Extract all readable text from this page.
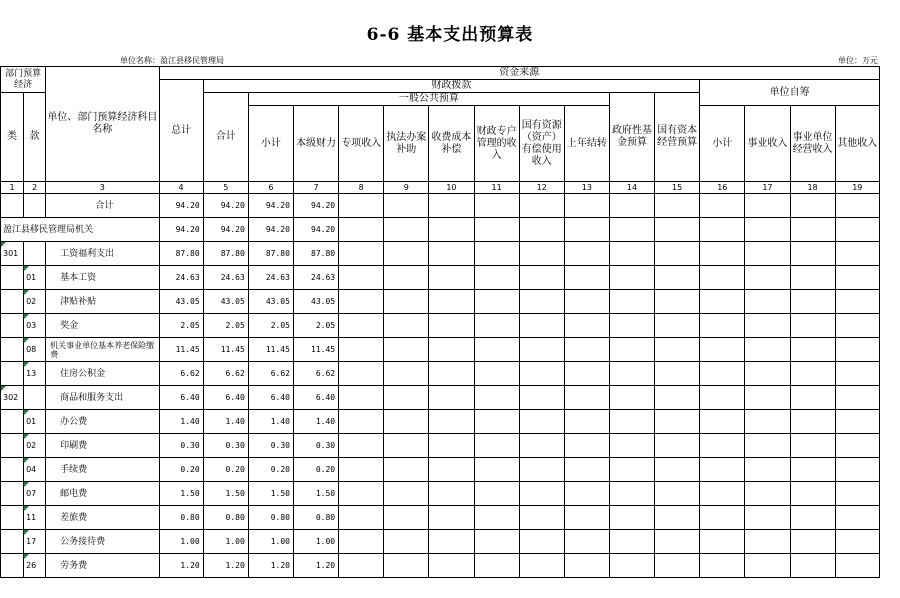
6-6 基本支出预算表
单位名称：盈江县移民管理局	单位：万元
部门预算经济		单位、部门预算经济科目名称	资金来源															
			总计	财政拨款											单位自筹			
类	款			合计	一般公共预算								政府性基金预算	国有资本经营预算				
					小计	本级财力	专项收入	执法办案补助	收费成本补偿	财政专户管理的收入	国有资源（资产）有偿使用收入	上年结转			小计	事业收入	事业单位经营收入	其他收入
1	2	3	4	5	6	7	8	9	10	11	12	13	14	15	16	17	18	19
		合计	94.20	94.20	94.20	94.20												
盈江县移民管理局机关			94.20	94.20	94.20	94.20												
301		工资福利支出	87.80	87.80	87.80	87.80												
	01	基本工资	24.63	24.63	24.63	24.63												
	02	津贴补贴	43.05	43.05	43.05	43.05												
	03	奖金	2.05	2.05	2.05	2.05												
	08	机关事业单位基本养老保险缴费	11.45	11.45	11.45	11.45												
	13	住房公积金	6.62	6.62	6.62	6.62												
302		商品和服务支出	6.40	6.40	6.40	6.40												
	01	办公费	1.40	1.40	1.40	1.40												
	02	印刷费	0.30	0.30	0.30	0.30												
	04	手续费	0.20	0.20	0.20	0.20												
	07	邮电费	1.50	1.50	1.50	1.50												
	11	差旅费	0.80	0.80	0.80	0.80												
	17	公务接待费	1.00	1.00	1.00	1.00												
	26	劳务费	1.20	1.20	1.20	1.20												
